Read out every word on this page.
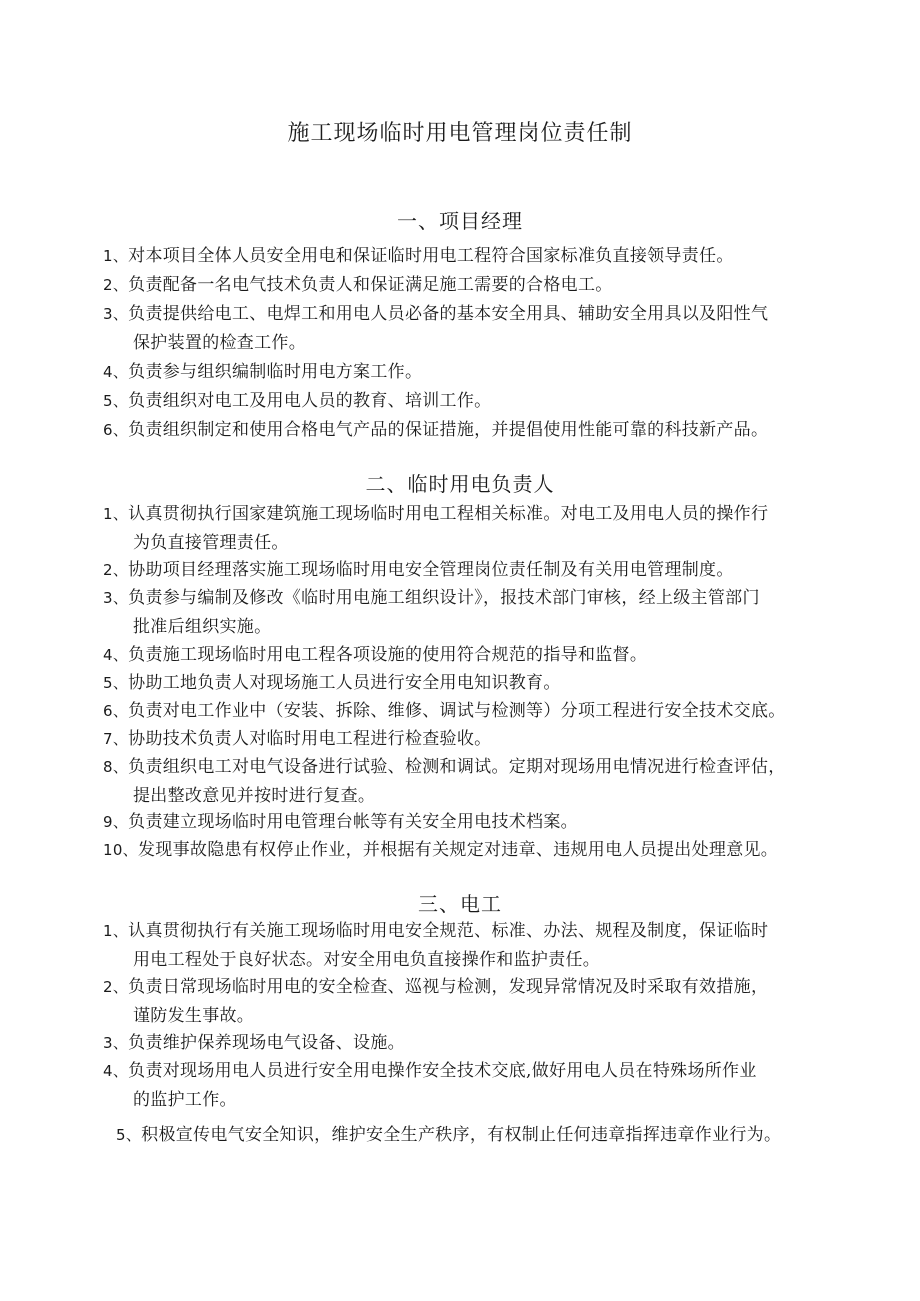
施工现场临时用电管理岗位责任制
一、项目经理
1、对本项目全体人员安全用电和保证临时用电工程符合国家标准负直接领导责任。
2、负责配备一名电气技术负责人和保证满足施工需要的合格电工。
3、负责提供给电工、电焊工和用电人员必备的基本安全用具、辅助安全用具以及阳性气
保护装置的检查工作。
4、负责参与组织编制临时用电方案工作。
5、负责组织对电工及用电人员的教育、培训工作。
6、负责组织制定和使用合格电气产品的保证措施，并提倡使用性能可靠的科技新产品。
二、临时用电负责人
1、认真贯彻执行国家建筑施工现场临时用电工程相关标准。对电工及用电人员的操作行
为负直接管理责任。
2、协助项目经理落实施工现场临时用电安全管理岗位责任制及有关用电管理制度。
3、负责参与编制及修改《临时用电施工组织设计》，报技术部门审核，经上级主管部门
批准后组织实施。
4、负责施工现场临时用电工程各项设施的使用符合规范的指导和监督。
5、协助工地负责人对现场施工人员进行安全用电知识教育。
6、负责对电工作业中（安装、拆除、维修、调试与检测等）分项工程进行安全技术交底。
7、协助技术负责人对临时用电工程进行检查验收。
8、负责组织电工对电气设备进行试验、检测和调试。定期对现场用电情况进行检查评估，
提出整改意见并按时进行复查。
9、负责建立现场临时用电管理台帐等有关安全用电技术档案。
10、发现事故隐患有权停止作业，并根据有关规定对违章、违规用电人员提出处理意见。
三、电工
1、认真贯彻执行有关施工现场临时用电安全规范、标准、办法、规程及制度，保证临时
用电工程处于良好状态。对安全用电负直接操作和监护责任。
2、负责日常现场临时用电的安全检查、巡视与检测，发现异常情况及时采取有效措施，
谨防发生事故。
3、负责维护保养现场电气设备、设施。
4、负责对现场用电人员进行安全用电操作安全技术交底,做好用电人员在特殊场所作业
的监护工作。
5、积极宣传电气安全知识，维护安全生产秩序，有权制止任何违章指挥违章作业行为。
